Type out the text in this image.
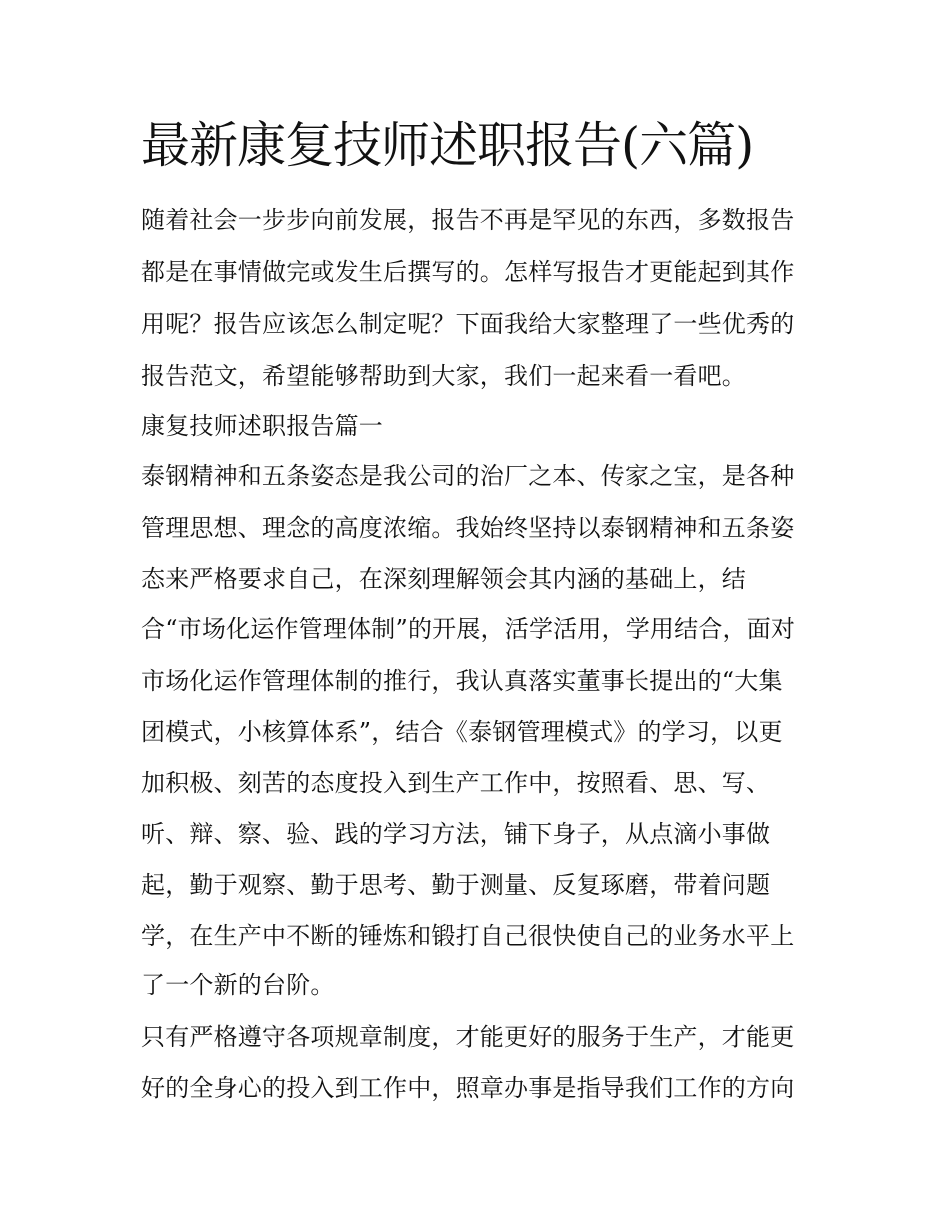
最新康复技师述职报告(六篇)
随着社会一步步向前发展，报告不再是罕见的东西，多数报告
都是在事情做完或发生后撰写的。怎样写报告才更能起到其作
用呢？报告应该怎么制定呢？下面我给大家整理了一些优秀的
报告范文，希望能够帮助到大家，我们一起来看一看吧。
康复技师述职报告篇一
泰钢精神和五条姿态是我公司的治厂之本、传家之宝，是各种
管理思想、理念的高度浓缩。我始终坚持以泰钢精神和五条姿
态来严格要求自己，在深刻理解领会其内涵的基础上，结
合“市场化运作管理体制”的开展，活学活用，学用结合，面对
市场化运作管理体制的推行，我认真落实董事长提出的“大集
团模式，小核算体系”，结合《泰钢管理模式》的学习，以更
加积极、刻苦的态度投入到生产工作中，按照看、思、写、
听、辩、察、验、践的学习方法，铺下身子，从点滴小事做
起，勤于观察、勤于思考、勤于测量、反复琢磨，带着问题
学，在生产中不断的锤炼和锻打自己很快使自己的业务水平上
了一个新的台阶。
只有严格遵守各项规章制度，才能更好的服务于生产，才能更
好的全身心的投入到工作中，照章办事是指导我们工作的方向
